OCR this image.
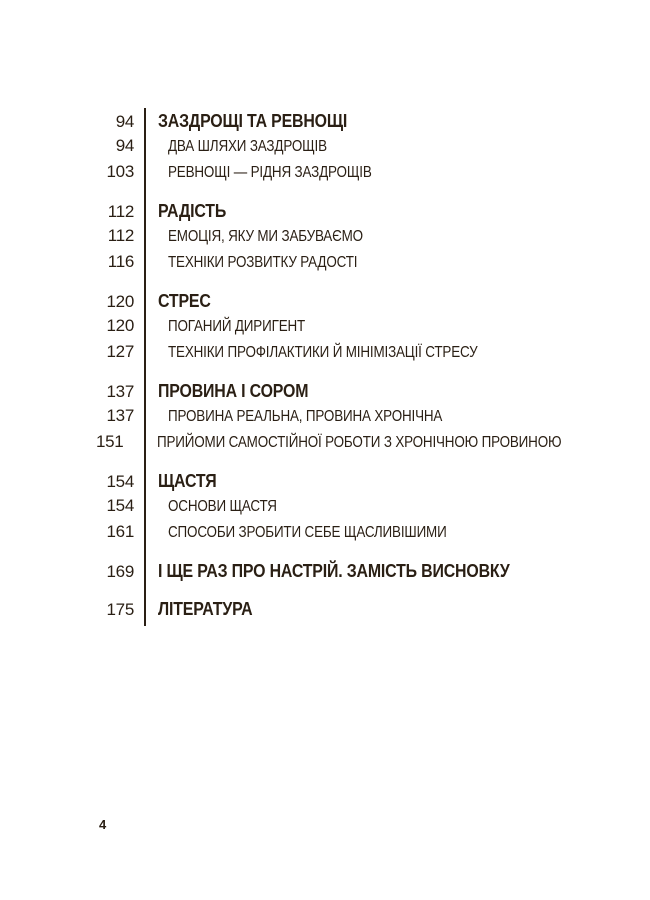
94 ЗАЗДРОЩІ ТА РЕВНОЩІ
94 ДВА ШЛЯХИ ЗАЗДРОЩІВ
103 РЕВНОЩІ — РІДНЯ ЗАЗДРОЩІВ
112 РАДІСТЬ
112 ЕМОЦІЯ, ЯКУ МИ ЗАБУВАЄМО
116 ТЕХНІКИ РОЗВИТКУ РАДОСТІ
120 СТРЕС
120 ПОГАНИЙ ДИРИГЕНТ
127 ТЕХНІКИ ПРОФІЛАКТИКИ Й МІНІМІЗАЦІЇ СТРЕСУ
137 ПРОВИНА І СОРОМ
137 ПРОВИНА РЕАЛЬНА, ПРОВИНА ХРОНІЧНА
151 ПРИЙОМИ САМОСТІЙНОЇ РОБОТИ З ХРОНІЧНОЮ ПРОВИНОЮ
154 ЩАСТЯ
154 ОСНОВИ ЩАСТЯ
161 СПОСОБИ ЗРОБИТИ СЕБЕ ЩАСЛИВІШИМИ
169 І ЩЕ РАЗ ПРО НАСТРІЙ. ЗАМІСТЬ ВИСНОВКУ
175 ЛІТЕРАТУРА
4
